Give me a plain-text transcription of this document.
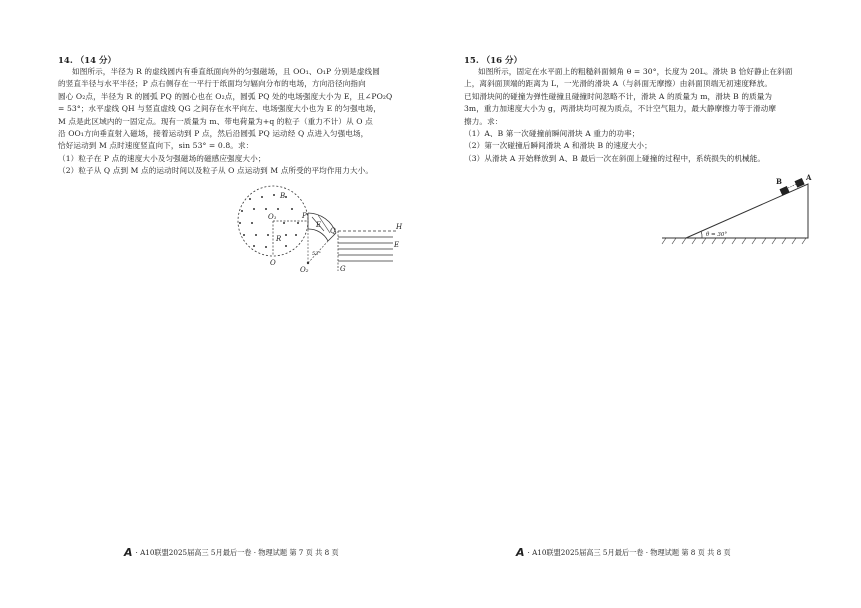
14. （14 分）

如图所示，半径为 R 的虚线圆内有垂直纸面向外的匀强磁场，且 OO₁、O₁P 分别是虚线圆

的竖直半径与水平半径；P 点右侧存在一平行于纸面均匀辐向分布的电场，方向沿径向指向

圆心 O₂点，半径为 R 的圆弧 PQ 的圆心也在 O₂点，圆弧 PQ 处的电场强度大小为 E，且∠PO₂Q

= 53°；水平虚线 QH 与竖直虚线 QG 之间存在水平向左、电场强度大小也为 E 的匀强电场，

M 点是此区域内的一固定点。现有一质量为 m、带电荷量为+q 的粒子（重力不计）从 O 点

沿 OO₁方向垂直射入磁场，接着运动到 P 点，然后沿圆弧 PQ 运动经 Q 点进入匀强电场，

恰好运动到 M 点时速度竖直向下，sin 53° = 0.8。求：

（1）粒子在 P 点的速度大小及匀强磁场的磁感应强度大小；

（2）粒子从 Q 点到 M 点的运动时间以及粒子从 O 点运动到 M 点所受的平均作用力大小。

B
O₁
R
P
O
O₂
Q
E	H
E
G
53°
A · A10联盟2025届高三 5月最后一卷 · 物理试题 第 7 页 共 8 页
15. （16 分）

如图所示，固定在水平面上的粗糙斜面倾角 θ = 30°，长度为 20L。滑块 B 恰好静止在斜面

上，离斜面顶端的距离为 L，一光滑的滑块 A（与斜面无摩擦）由斜面顶端无初速度释放。

已知滑块间的碰撞为弹性碰撞且碰撞时间忽略不计，滑块 A 的质量为 m，滑块 B 的质量为

3m，重力加速度大小为 g，两滑块均可视为质点，不计空气阻力，最大静摩擦力等于滑动摩

擦力。求：

（1）A、B 第一次碰撞前瞬间滑块 A 重力的功率；

（2）第一次碰撞后瞬间滑块 A 和滑块 B 的速度大小；

（3）从滑块 A 开始释放到 A、B 最后一次在斜面上碰撞的过程中，系统损失的机械能。

B	A
θ = 30°
A · A10联盟2025届高三 5月最后一卷 · 物理试题 第 8 页 共 8 页
